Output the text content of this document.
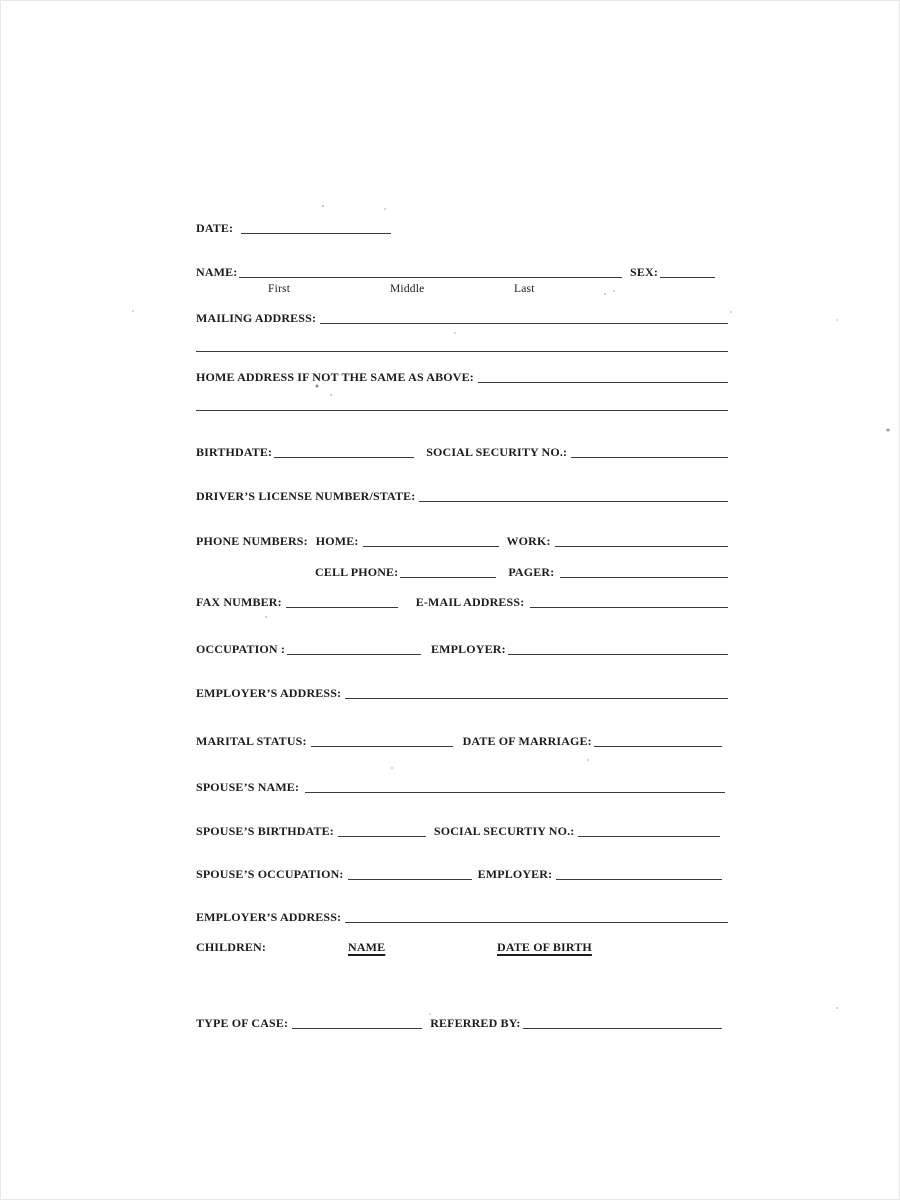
DATE:
NAME:	SEX:
First	Middle	Last
MAILING ADDRESS:
HOME ADDRESS IF NOT THE SAME AS ABOVE:
BIRTHDATE:	SOCIAL SECURITY NO.:
DRIVER’S LICENSE NUMBER/STATE:
PHONE NUMBERS: HOME:	WORK:
CELL PHONE:	PAGER:
FAX NUMBER:	E-MAIL ADDRESS:
OCCUPATION :	EMPLOYER:
EMPLOYER’S ADDRESS:
MARITAL STATUS:	DATE OF MARRIAGE:
SPOUSE’S NAME:
SPOUSE’S BIRTHDATE:	SOCIAL SECURTIY NO.:
SPOUSE’S OCCUPATION:	EMPLOYER:
EMPLOYER’S ADDRESS:
CHILDREN:	NAME	DATE OF BIRTH
TYPE OF CASE:	REFERRED BY:
